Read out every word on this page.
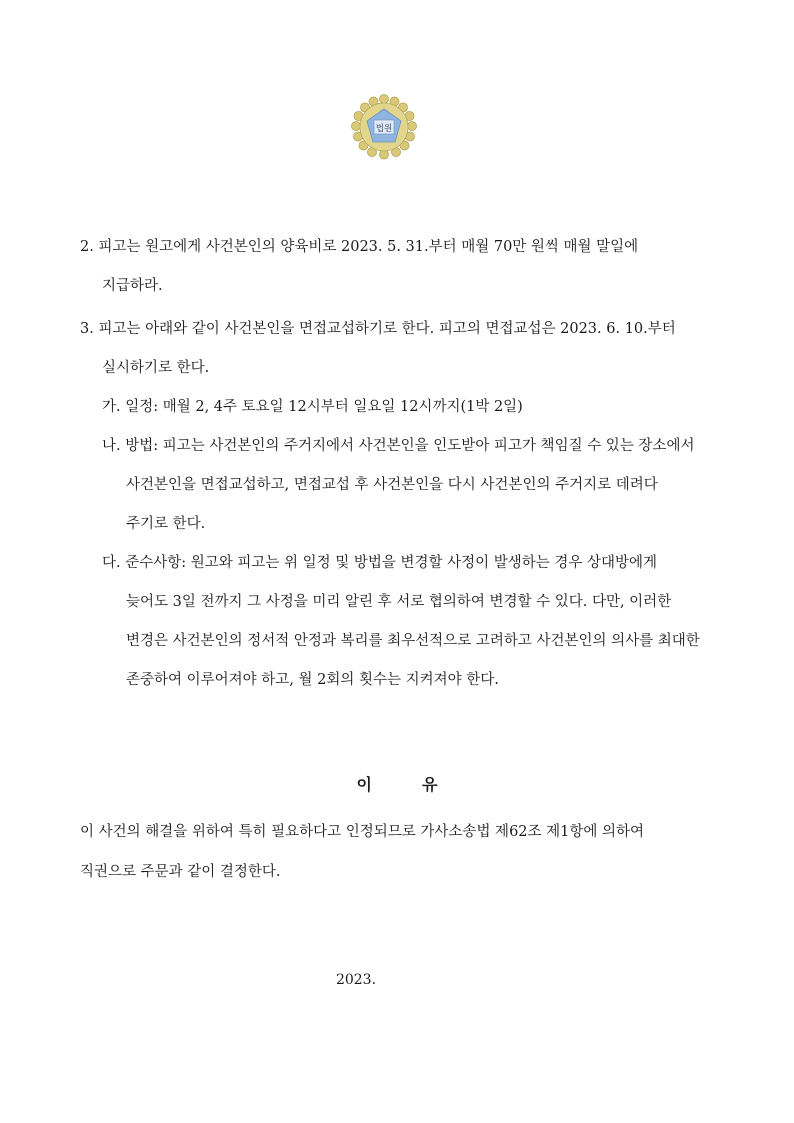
법원

2. 피고는 원고에게 사건본인의 양육비로 2023. 5. 31.부터 매월 70만 원씩 매월 말일에 지급하라.

3. 피고는 아래와 같이 사건본인을 면접교섭하기로 한다. 피고의 면접교섭은 2023. 6. 10.부터 실시하기로 한다.

가. 일정: 매월 2, 4주 토요일 12시부터 일요일 12시까지(1박 2일)

나. 방법: 피고는 사건본인의 주거지에서 사건본인을 인도받아 피고가 책임질 수 있는 장소에서 사건본인을 면접교섭하고, 면접교섭 후 사건본인을 다시 사건본인의 주거지로 데려다 주기로 한다.

다. 준수사항: 원고와 피고는 위 일정 및 방법을 변경할 사정이 발생하는 경우 상대방에게 늦어도 3일 전까지 그 사정을 미리 알린 후 서로 협의하여 변경할 수 있다. 다만, 이러한 변경은 사건본인의 정서적 안정과 복리를 최우선적으로 고려하고 사건본인의 의사를 최대한 존중하여 이루어져야 하고, 월 2회의 횟수는 지켜져야 한다.

이	유
이 사건의 해결을 위하여 특히 필요하다고 인정되므로 가사소송법 제62조 제1항에 의하여 직권으로 주문과 같이 결정한다.
2023.
